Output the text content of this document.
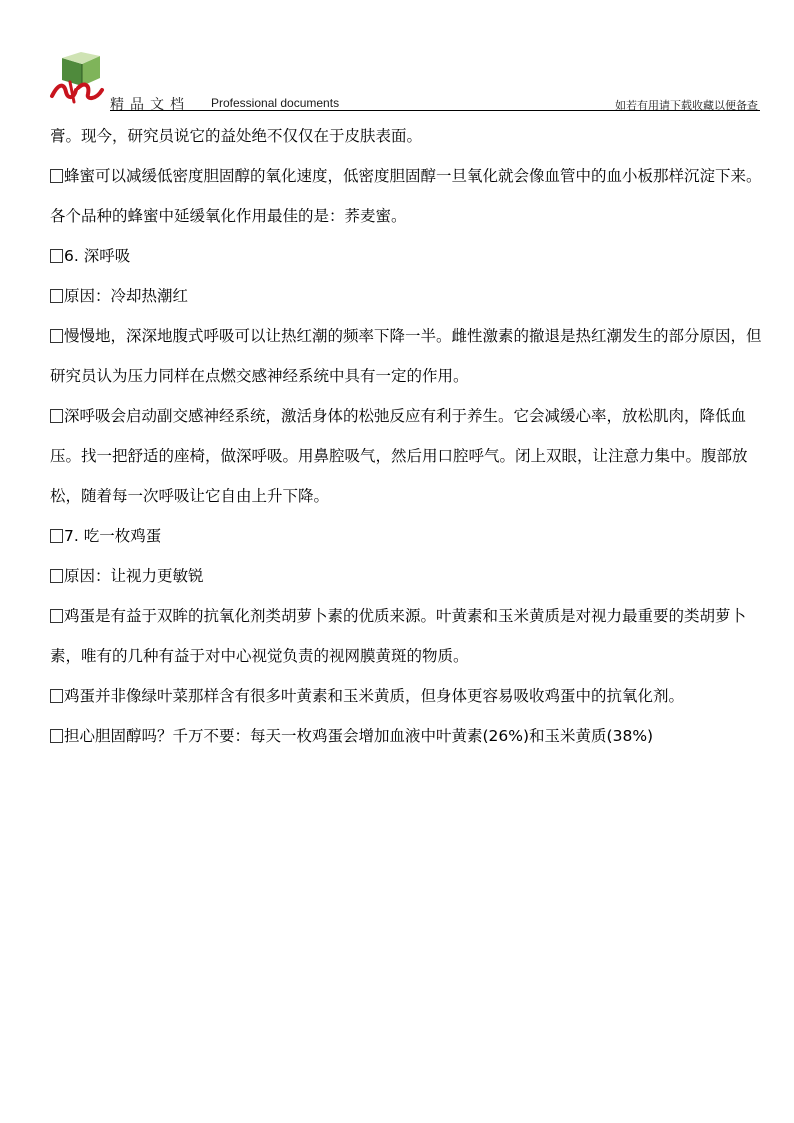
精品文档 Professional documents	如若有用请下载收藏以便备查

膏。现今，研究员说它的益处绝不仅仅在于皮肤表面。

蜂蜜可以减缓低密度胆固醇的氧化速度，低密度胆固醇一旦氧化就会像血管中的血小板那样沉淀下来。各个品种的蜂蜜中延缓氧化作用最佳的是：荞麦蜜。

6. 深呼吸

原因：冷却热潮红

慢慢地，深深地腹式呼吸可以让热红潮的频率下降一半。雌性激素的撤退是热红潮发生的部分原因，但研究员认为压力同样在点燃交感神经系统中具有一定的作用。

深呼吸会启动副交感神经系统，激活身体的松弛反应有利于养生。它会减缓心率，放松肌肉，降低血压。找一把舒适的座椅，做深呼吸。用鼻腔吸气，然后用口腔呼气。闭上双眼，让注意力集中。腹部放松，随着每一次呼吸让它自由上升下降。

7. 吃一枚鸡蛋

原因：让视力更敏锐

鸡蛋是有益于双眸的抗氧化剂类胡萝卜素的优质来源。叶黄素和玉米黄质是对视力最重要的类胡萝卜素，唯有的几种有益于对中心视觉负责的视网膜黄斑的物质。

鸡蛋并非像绿叶菜那样含有很多叶黄素和玉米黄质，但身体更容易吸收鸡蛋中的抗氧化剂。

担心胆固醇吗？千万不要：每天一枚鸡蛋会增加血液中叶黄素(26%)和玉米黄质(38%)
